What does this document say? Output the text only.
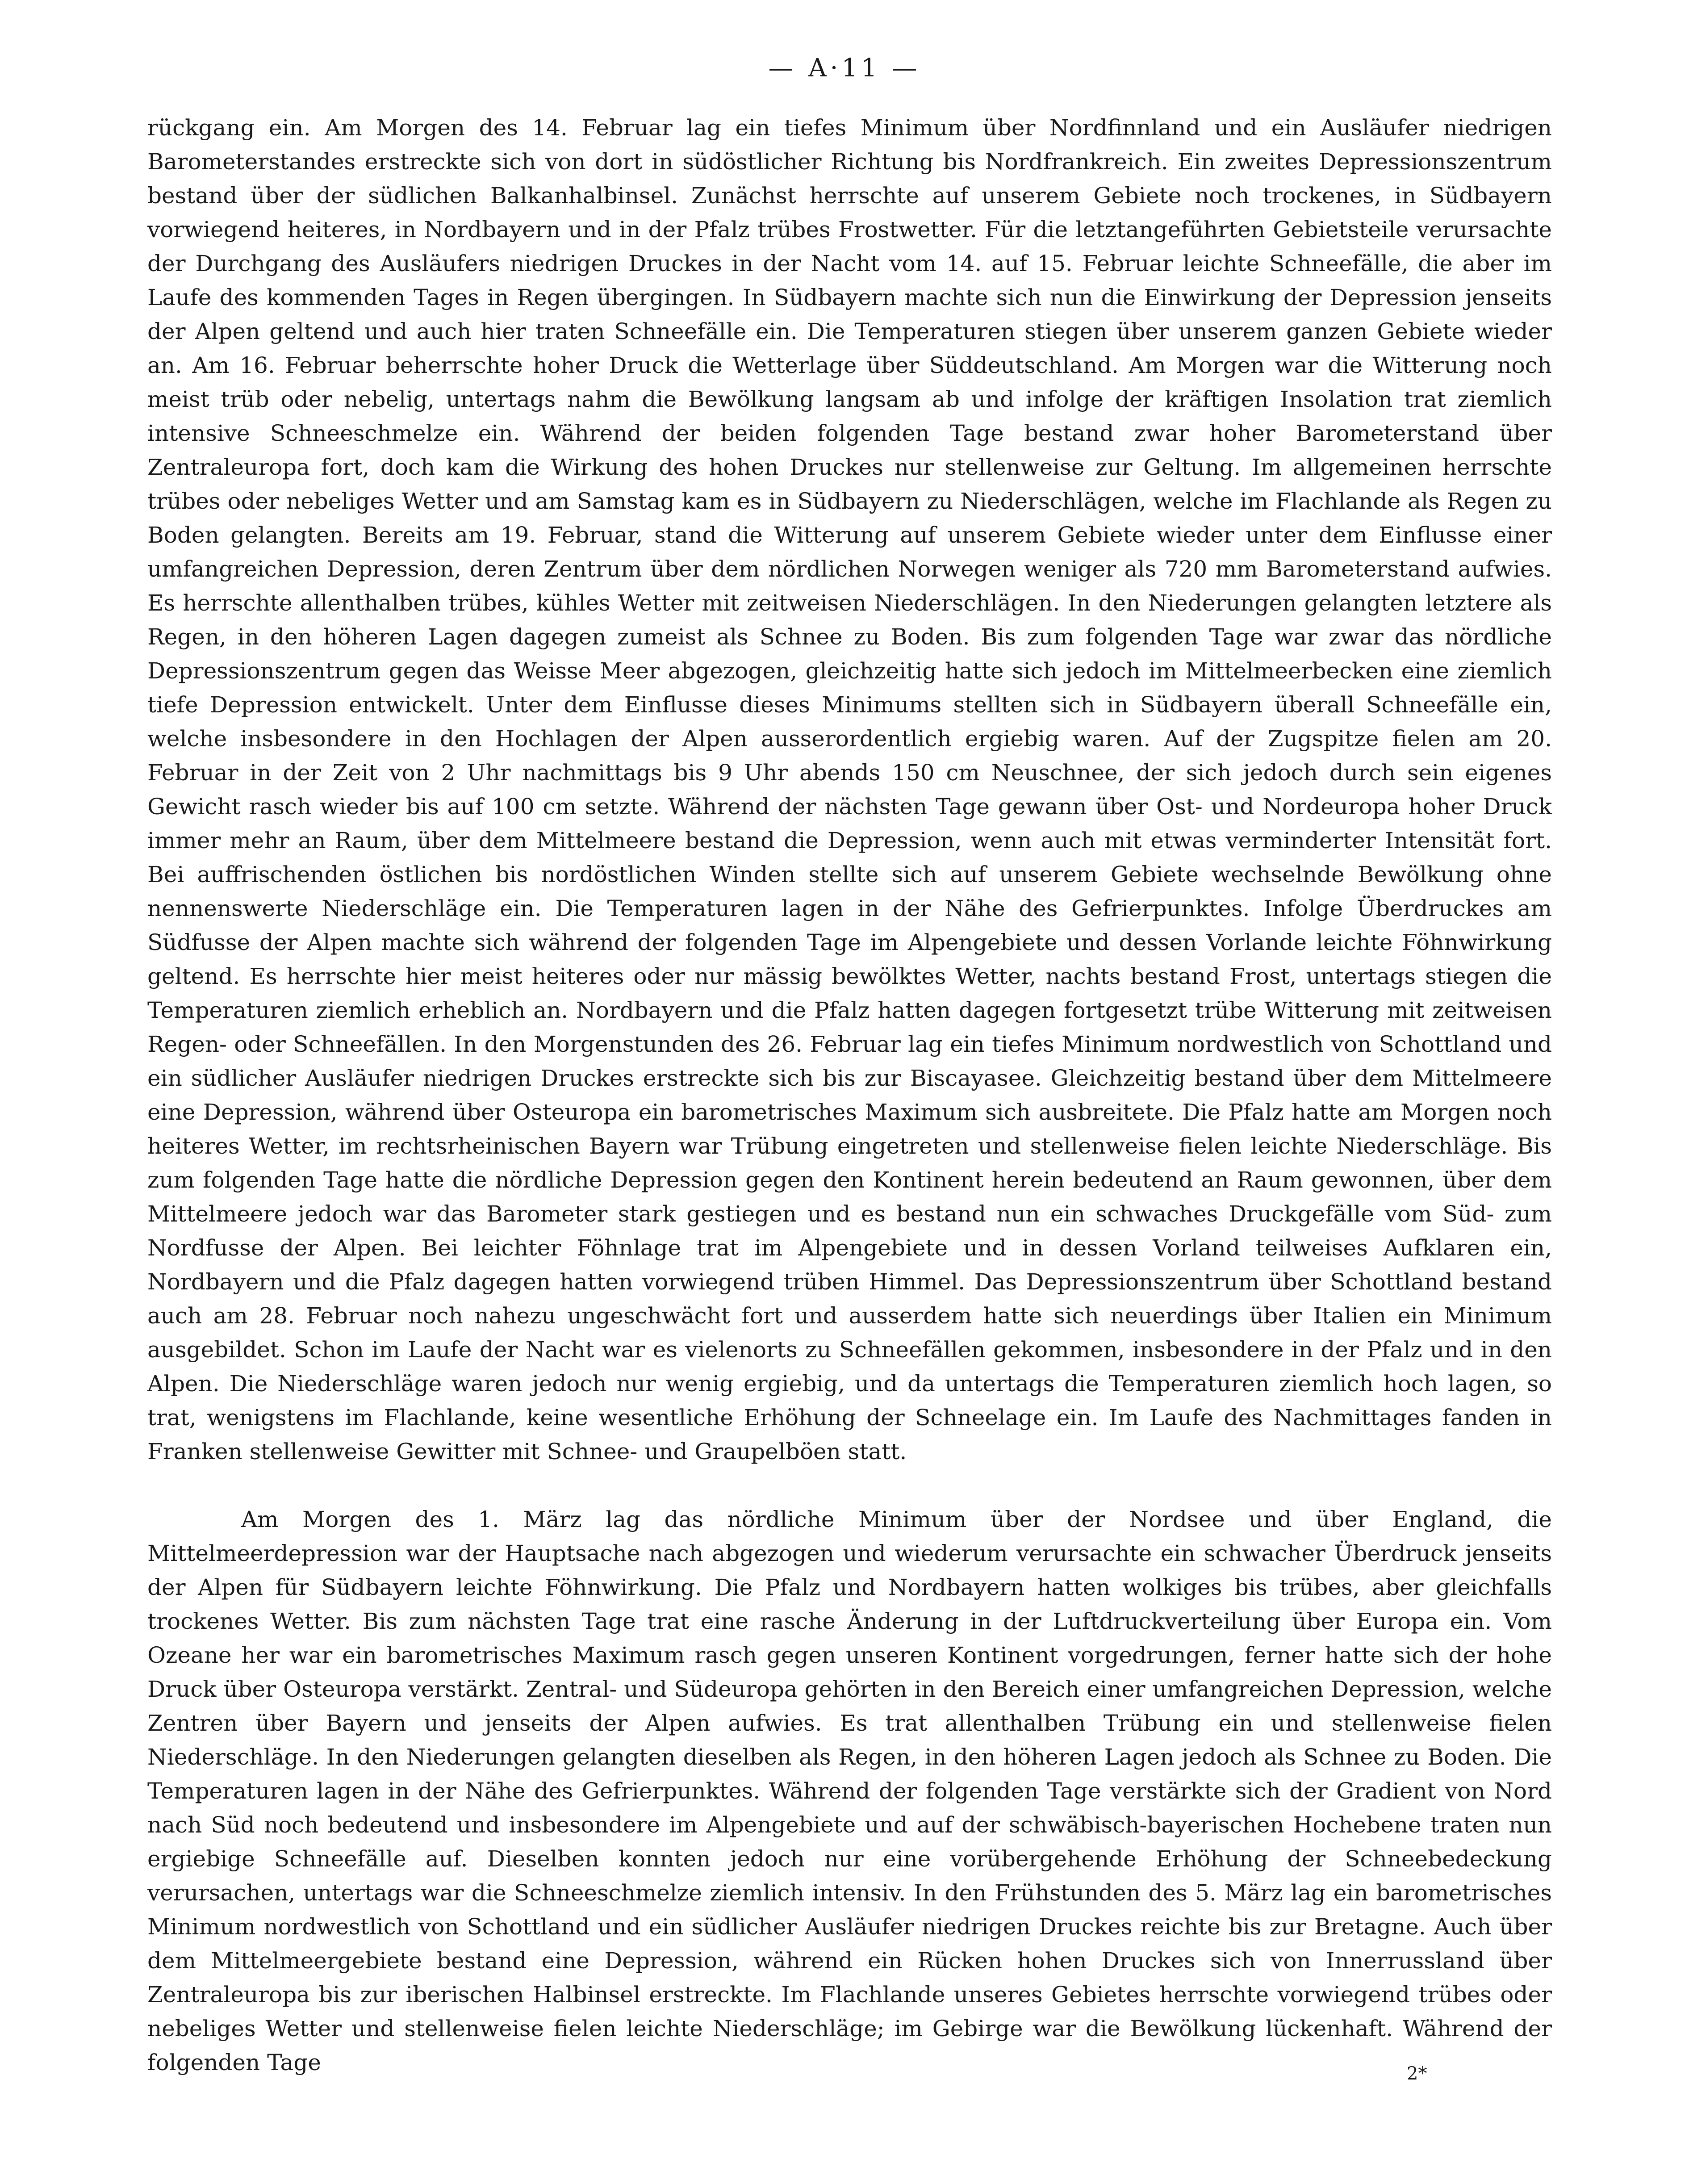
— A·11 —

rückgang ein. Am Morgen des 14. Februar lag ein tiefes Minimum über Nordfinnland und ein Ausläufer niedrigen Barometerstandes erstreckte sich von dort in südöstlicher Richtung bis Nordfrankreich. Ein zweites Depressionszentrum bestand über der südlichen Balkanhalbinsel. Zunächst herrschte auf unserem Gebiete noch trockenes, in Südbayern vorwiegend heiteres, in Nordbayern und in der Pfalz trübes Frostwetter. Für die letztangeführten Gebietsteile verursachte der Durchgang des Ausläufers niedrigen Druckes in der Nacht vom 14. auf 15. Februar leichte Schneefälle, die aber im Laufe des kommenden Tages in Regen übergingen. In Südbayern machte sich nun die Einwirkung der Depression jenseits der Alpen geltend und auch hier traten Schneefälle ein. Die Temperaturen stiegen über unserem ganzen Gebiete wieder an. Am 16. Februar beherrschte hoher Druck die Wetterlage über Süddeutschland. Am Morgen war die Witterung noch meist trüb oder nebelig, untertags nahm die Bewölkung langsam ab und infolge der kräftigen Insolation trat ziemlich intensive Schneeschmelze ein. Während der beiden folgenden Tage bestand zwar hoher Barometerstand über Zentraleuropa fort, doch kam die Wirkung des hohen Druckes nur stellenweise zur Geltung. Im allgemeinen herrschte trübes oder nebeliges Wetter und am Samstag kam es in Südbayern zu Niederschlägen, welche im Flachlande als Regen zu Boden gelangten. Bereits am 19. Februar, stand die Witterung auf unserem Gebiete wieder unter dem Einflusse einer umfangreichen Depression, deren Zentrum über dem nördlichen Norwegen weniger als 720 mm Barometerstand aufwies. Es herrschte allenthalben trübes, kühles Wetter mit zeitweisen Niederschlägen. In den Niederungen gelangten letztere als Regen, in den höheren Lagen dagegen zumeist als Schnee zu Boden. Bis zum folgenden Tage war zwar das nördliche Depressionszentrum gegen das Weisse Meer abgezogen, gleichzeitig hatte sich jedoch im Mittelmeerbecken eine ziemlich tiefe Depression entwickelt. Unter dem Einflusse dieses Minimums stellten sich in Südbayern überall Schneefälle ein, welche insbesondere in den Hochlagen der Alpen ausserordentlich ergiebig waren. Auf der Zugspitze fielen am 20. Februar in der Zeit von 2 Uhr nachmittags bis 9 Uhr abends 150 cm Neuschnee, der sich jedoch durch sein eigenes Gewicht rasch wieder bis auf 100 cm setzte. Während der nächsten Tage gewann über Ost- und Nordeuropa hoher Druck immer mehr an Raum, über dem Mittelmeere bestand die Depression, wenn auch mit etwas verminderter Intensität fort. Bei auffrischenden östlichen bis nordöstlichen Winden stellte sich auf unserem Gebiete wechselnde Bewölkung ohne nennenswerte Niederschläge ein. Die Temperaturen lagen in der Nähe des Gefrierpunktes. Infolge Überdruckes am Südfusse der Alpen machte sich während der folgenden Tage im Alpengebiete und dessen Vorlande leichte Föhnwirkung geltend. Es herrschte hier meist heiteres oder nur mässig bewölktes Wetter, nachts bestand Frost, untertags stiegen die Temperaturen ziemlich erheblich an. Nordbayern und die Pfalz hatten dagegen fortgesetzt trübe Witterung mit zeitweisen Regen- oder Schneefällen. In den Morgenstunden des 26. Februar lag ein tiefes Minimum nordwestlich von Schottland und ein südlicher Ausläufer niedrigen Druckes erstreckte sich bis zur Biscayasee. Gleichzeitig bestand über dem Mittelmeere eine Depression, während über Osteuropa ein barometrisches Maximum sich ausbreitete. Die Pfalz hatte am Morgen noch heiteres Wetter, im rechtsrheinischen Bayern war Trübung eingetreten und stellenweise fielen leichte Niederschläge. Bis zum folgenden Tage hatte die nördliche Depression gegen den Kontinent herein bedeutend an Raum gewonnen, über dem Mittelmeere jedoch war das Barometer stark gestiegen und es bestand nun ein schwaches Druckgefälle vom Süd- zum Nordfusse der Alpen. Bei leichter Föhnlage trat im Alpengebiete und in dessen Vorland teilweises Aufklaren ein, Nordbayern und die Pfalz dagegen hatten vorwiegend trüben Himmel. Das Depressionszentrum über Schottland bestand auch am 28. Februar noch nahezu ungeschwächt fort und ausserdem hatte sich neuerdings über Italien ein Minimum ausgebildet. Schon im Laufe der Nacht war es vielenorts zu Schneefällen gekommen, insbesondere in der Pfalz und in den Alpen. Die Niederschläge waren jedoch nur wenig ergiebig, und da untertags die Temperaturen ziemlich hoch lagen, so trat, wenigstens im Flachlande, keine wesentliche Erhöhung der Schneelage ein. Im Laufe des Nachmittages fanden in Franken stellenweise Gewitter mit Schnee- und Graupelböen statt.

Am Morgen des 1. März lag das nördliche Minimum über der Nordsee und über England, die Mittelmeerdepression war der Hauptsache nach abgezogen und wiederum verursachte ein schwacher Überdruck jenseits der Alpen für Südbayern leichte Föhnwirkung. Die Pfalz und Nordbayern hatten wolkiges bis trübes, aber gleichfalls trockenes Wetter. Bis zum nächsten Tage trat eine rasche Änderung in der Luftdruckverteilung über Europa ein. Vom Ozeane her war ein barometrisches Maximum rasch gegen unseren Kontinent vorgedrungen, ferner hatte sich der hohe Druck über Osteuropa verstärkt. Zentral- und Südeuropa gehörten in den Bereich einer umfangreichen Depression, welche Zentren über Bayern und jenseits der Alpen aufwies. Es trat allenthalben Trübung ein und stellenweise fielen Niederschläge. In den Niederungen gelangten dieselben als Regen, in den höheren Lagen jedoch als Schnee zu Boden. Die Temperaturen lagen in der Nähe des Gefrierpunktes. Während der folgenden Tage verstärkte sich der Gradient von Nord nach Süd noch bedeutend und insbesondere im Alpengebiete und auf der schwäbisch-bayerischen Hochebene traten nun ergiebige Schneefälle auf. Dieselben konnten jedoch nur eine vorübergehende Erhöhung der Schneebedeckung verursachen, untertags war die Schneeschmelze ziemlich intensiv. In den Frühstunden des 5. März lag ein barometrisches Minimum nordwestlich von Schottland und ein südlicher Ausläufer niedrigen Druckes reichte bis zur Bretagne. Auch über dem Mittelmeergebiete bestand eine Depression, während ein Rücken hohen Druckes sich von Innerrussland über Zentraleuropa bis zur iberischen Halbinsel erstreckte. Im Flachlande unseres Gebietes herrschte vorwiegend trübes oder nebeliges Wetter und stellenweise fielen leichte Niederschläge; im Gebirge war die Bewölkung lückenhaft. Während der folgenden Tage	2*
